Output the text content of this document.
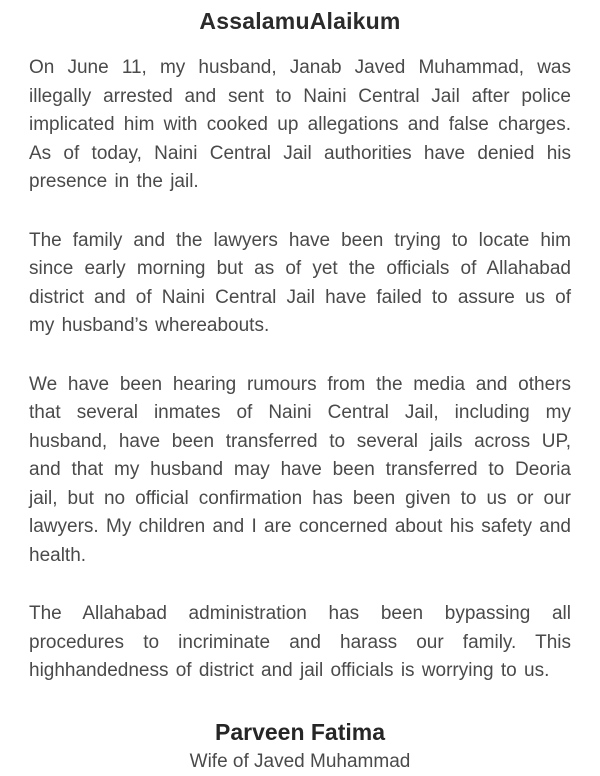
AssalamuAlaikum

On June 11, my husband, Janab Javed Muhammad, was illegally arrested and sent to Naini Central Jail after police implicated him with cooked up allegations and false charges. As of today, Naini Central Jail authorities have denied his presence in the jail.

The family and the lawyers have been trying to locate him since early morning but as of yet the officials of Allahabad district and of Naini Central Jail have failed to assure us of my husband’s whereabouts.

We have been hearing rumours from the media and others that several inmates of Naini Central Jail, including my husband, have been transferred to several jails across UP, and that my husband may have been transferred to Deoria jail, but no official confirmation has been given to us or our lawyers. My children and I are concerned about his safety and health.

The Allahabad administration has been bypassing all procedures to incriminate and harass our family. This highhandedness of district and jail officials is worrying to us.

Parveen Fatima

Wife of Javed Muhammad
